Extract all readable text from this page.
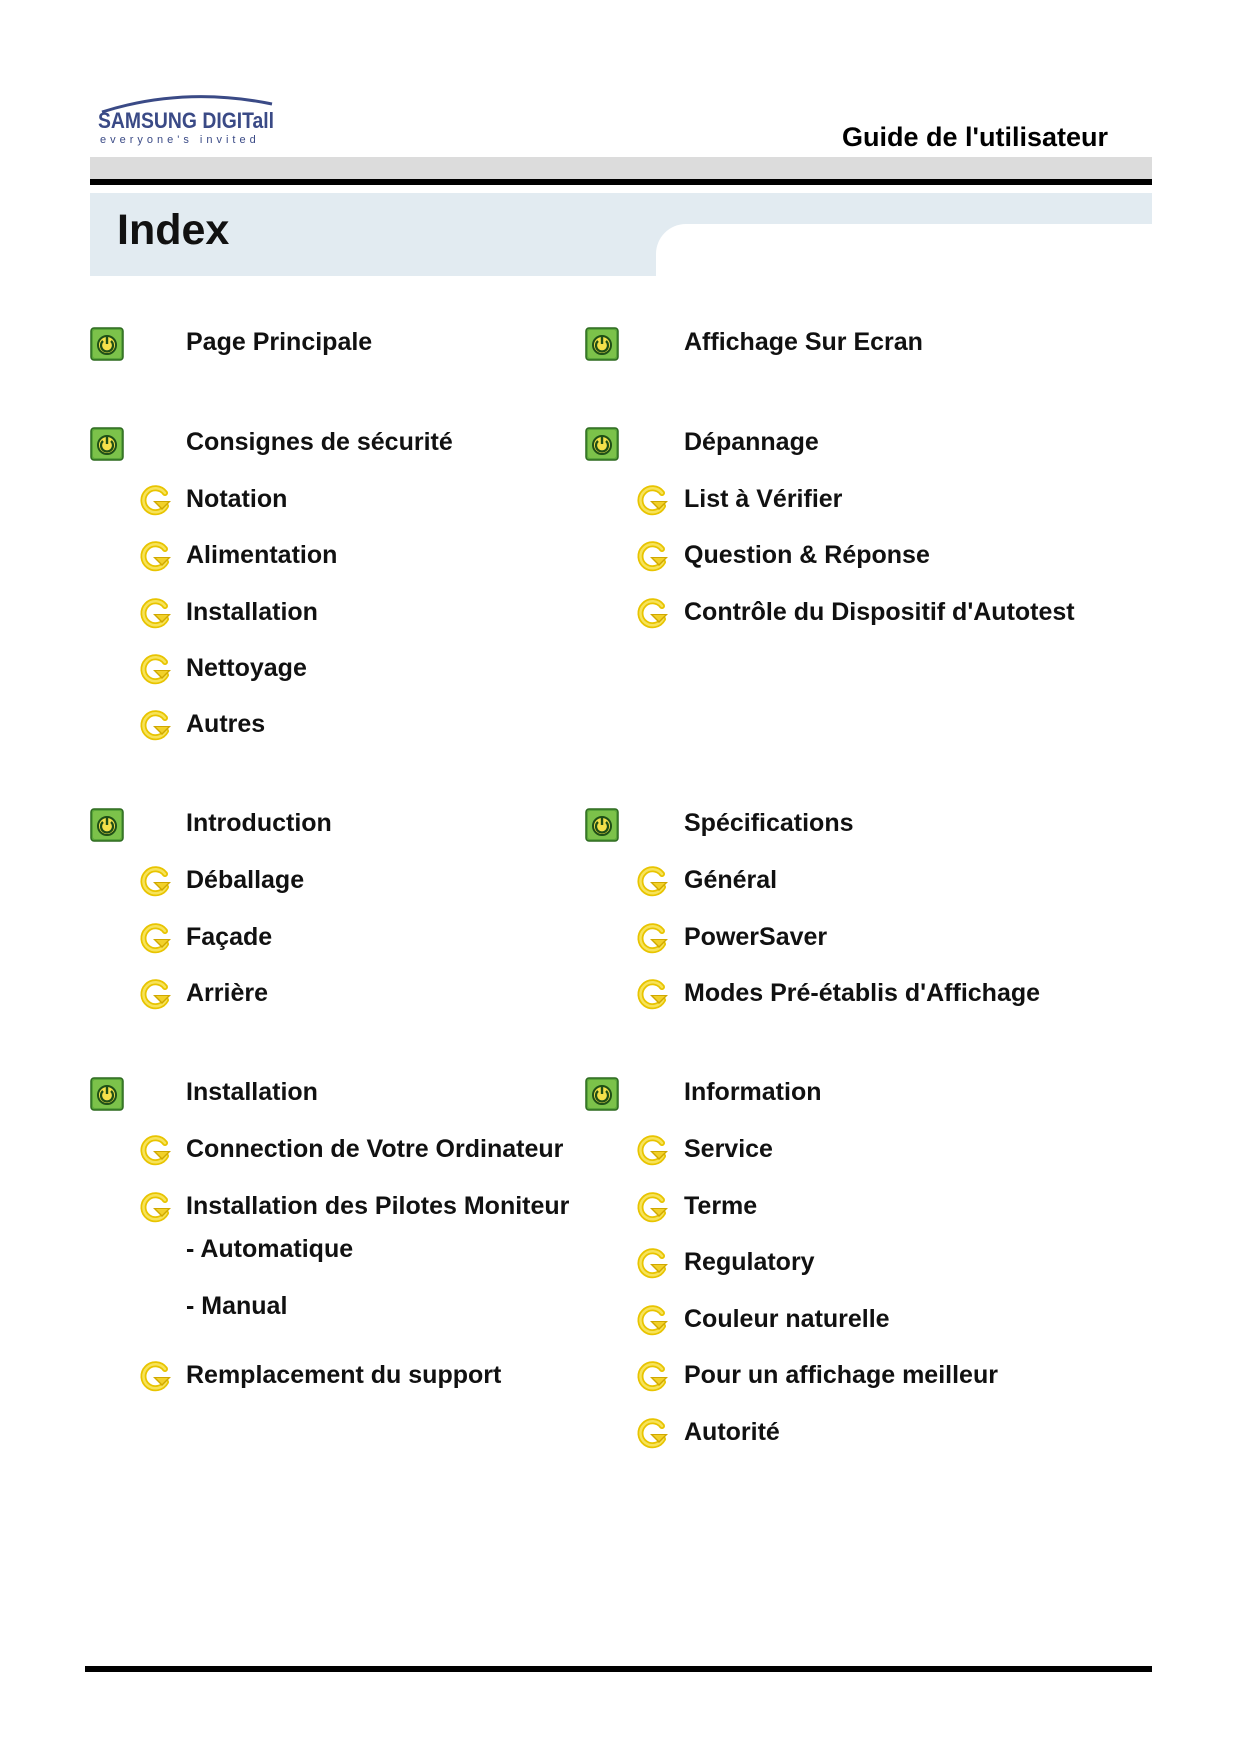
SAMSUNG DIGITall
everyone's invited	Guide de l'utilisateur
Index
Page Principale
Consignes de sécurité
Notation
Alimentation
Installation
Nettoyage
Autres
Introduction
Déballage
Façade
Arrière
Installation
Connection de Votre Ordinateur
Installation des Pilotes Moniteur
- Automatique
- Manual
Remplacement du support
Affichage Sur Ecran
Dépannage
List à Vérifier
Question & Réponse
Contrôle du Dispositif d'Autotest
Spécifications
Général
PowerSaver
Modes Pré-établis d'Affichage
Information
Service
Terme
Regulatory
Couleur naturelle
Pour un affichage meilleur
Autorité
